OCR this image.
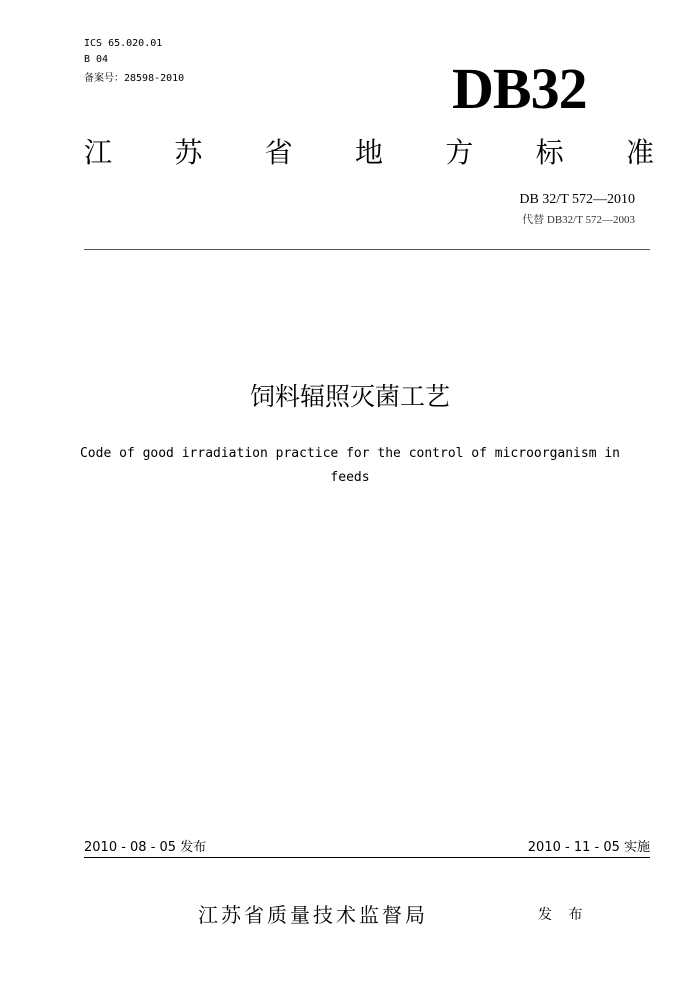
ICS 65.020.01
B 04
备案号：28598-2010	DB32
江 苏 省 地 方 标 准
DB 32/T 572—2010
代替 DB32/T 572—2003
饲料辐照灭菌工艺
Code of good irradiation practice for the control of microorganism in feeds
2010 - 08 - 05 发布	2010 - 11 - 05 实施
江苏省质量技术监督局	发 布
